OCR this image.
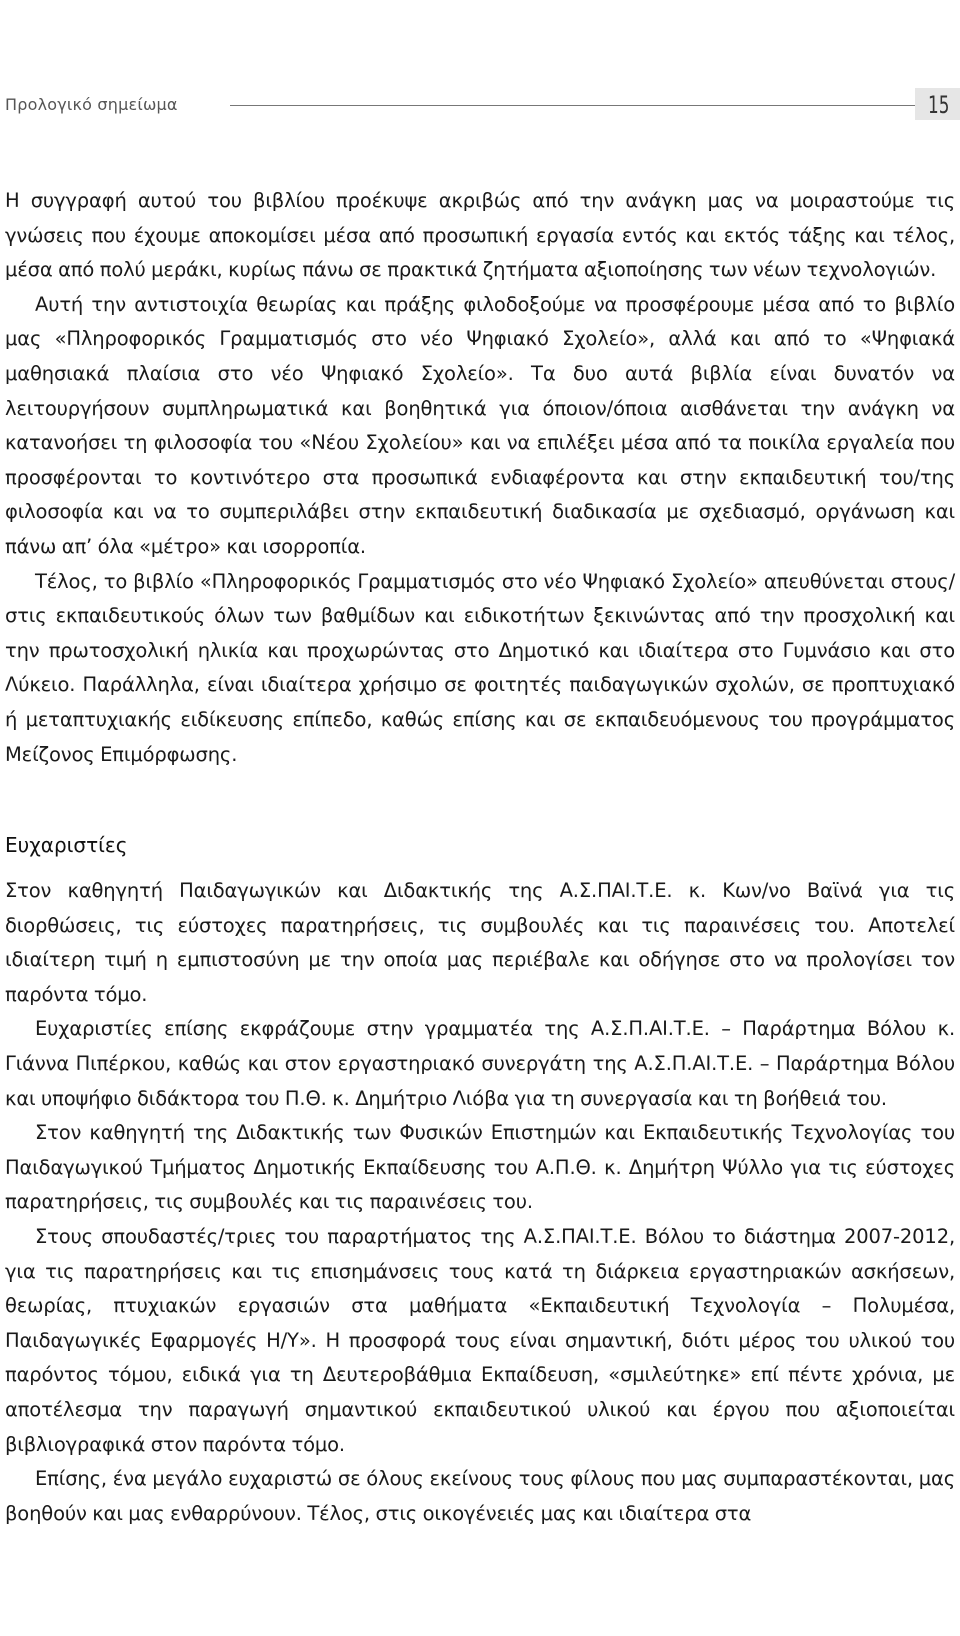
Προλογικό σημείωμα	15

Η συγγραφή αυτού του βιβλίου προέκυψε ακριβώς από την ανάγκη μας να μοιραστούμε τις γνώσεις που έχουμε αποκομίσει μέσα από προσωπική εργασία εντός και εκτός τάξης και τέλος, μέσα από πολύ μεράκι, κυρίως πάνω σε πρακτικά ζητήματα αξιοποίησης των νέων τεχνολογιών.

Αυτή την αντιστοιχία θεωρίας και πράξης φιλοδοξούμε να προσφέρουμε μέσα από το βιβλίο μας «Πληροφορικός Γραμματισμός στο νέο Ψηφιακό Σχολείο», αλλά και από το «Ψηφιακά μαθησιακά πλαίσια στο νέο Ψηφιακό Σχολείο». Τα δυο αυτά βιβλία είναι δυνατόν να λειτουργήσουν συμπληρωματικά και βοηθητικά για όποιον/όποια αισθάνεται την ανάγκη να κατανοήσει τη φιλοσοφία του «Νέου Σχολείου» και να επιλέξει μέσα από τα ποικίλα εργαλεία που προσφέρονται το κοντινότερο στα προσωπικά ενδιαφέροντα και στην εκπαιδευτική του/της φιλοσοφία και να το συμπεριλάβει στην εκπαιδευτική διαδικασία με σχεδιασμό, οργάνωση και πάνω απ’ όλα «μέτρο» και ισορροπία.

Τέλος, το βιβλίο «Πληροφορικός Γραμματισμός στο νέο Ψηφιακό Σχολείο» απευθύνεται στους/στις εκπαιδευτικούς όλων των βαθμίδων και ειδικοτήτων ξεκινώντας από την προσχολική και την πρωτοσχολική ηλικία και προχωρώντας στο Δημοτικό και ιδιαίτερα στο Γυμνάσιο και στο Λύκειο. Παράλληλα, είναι ιδιαίτερα χρήσιμο σε φοιτητές παιδαγωγικών σχολών, σε προπτυχιακό ή μεταπτυχιακής ειδίκευσης επίπεδο, καθώς επίσης και σε εκπαιδευόμενους του προγράμματος Μείζονος Επιμόρφωσης.

Ευχαριστίες

Στον καθηγητή Παιδαγωγικών και Διδακτικής της Α.Σ.ΠΑΙ.Τ.Ε. κ. Κων/νο Βαϊνά για τις διορθώσεις, τις εύστοχες παρατηρήσεις, τις συμβουλές και τις παραινέσεις του. Αποτελεί ιδιαίτερη τιμή η εμπιστοσύνη με την οποία μας περιέβαλε και οδήγησε στο να προλογίσει τον παρόντα τόμο.

Ευχαριστίες επίσης εκφράζουμε στην γραμματέα της Α.Σ.Π.ΑΙ.Τ.Ε. – Παράρτημα Βόλου κ. Γιάννα Πιπέρκου, καθώς και στον εργαστηριακό συνεργάτη της Α.Σ.Π.ΑΙ.Τ.Ε. – Παράρτημα Βόλου και υποψήφιο διδάκτορα του Π.Θ. κ. Δημήτριο Λιόβα για τη συνεργασία και τη βοήθειά του.

Στον καθηγητή της Διδακτικής των Φυσικών Επιστημών και Εκπαιδευτικής Τεχνολογίας του Παιδαγωγικού Τμήματος Δημοτικής Εκπαίδευσης του Α.Π.Θ. κ. Δημήτρη Ψύλλο για τις εύστοχες παρατηρήσεις, τις συμβουλές και τις παραινέσεις του.

Στους σπουδαστές/τριες του παραρτήματος της Α.Σ.ΠΑΙ.Τ.Ε. Βόλου το διάστημα 2007-2012, για τις παρατηρήσεις και τις επισημάνσεις τους κατά τη διάρκεια εργαστηριακών ασκήσεων, θεωρίας, πτυχιακών εργασιών στα μαθήματα «Εκπαιδευτική Τεχνολογία – Πολυμέσα, Παιδαγωγικές Εφαρμογές Η/Υ». Η προσφορά τους είναι σημαντική, διότι μέρος του υλικού του παρόντος τόμου, ειδικά για τη Δευτεροβάθμια Εκπαίδευση, «σμιλεύτηκε» επί πέντε χρόνια, με αποτέλεσμα την παραγωγή σημαντικού εκπαιδευτικού υλικού και έργου που αξιοποιείται βιβλιογραφικά στον παρόντα τόμο.

Επίσης, ένα μεγάλο ευχαριστώ σε όλους εκείνους τους φίλους που μας συμπαραστέκονται, μας βοηθούν και μας ενθαρρύνουν. Τέλος, στις οικογένειές μας και ιδιαίτερα στα
